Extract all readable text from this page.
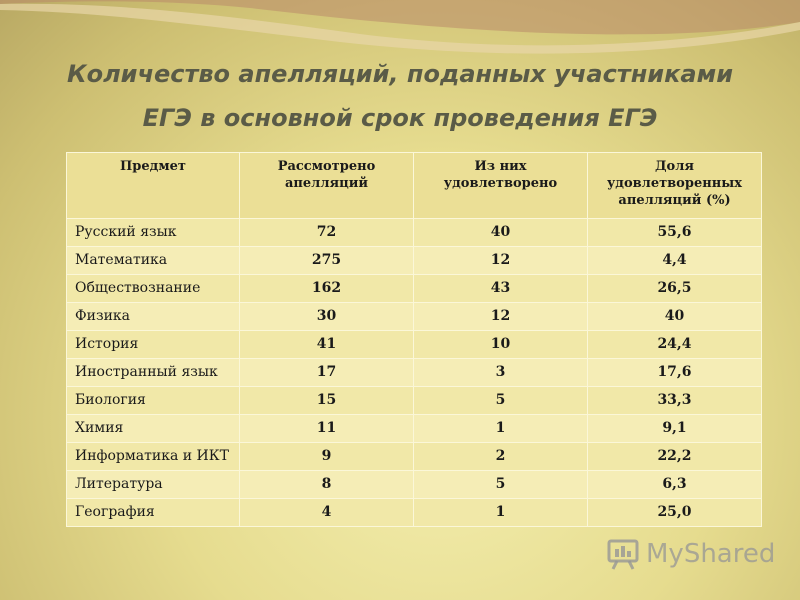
Количество апелляций, поданных участниками
ЕГЭ в основной срок проведения ЕГЭ
Предмет	Рассмотрено апелляций	Из них удовлетворено	Доля удовлетворенных апелляций (%)
Русский язык	72	40	55,6
Математика	275	12	4,4
Обществознание	162	43	26,5
Физика	30	12	40
История	41	10	24,4
Иностранный язык	17	3	17,6
Биология	15	5	33,3
Химия	11	1	9,1
Информатика и ИКТ	9	2	22,2
Литература	8	5	6,3
География	4	1	25,0
MyShared
